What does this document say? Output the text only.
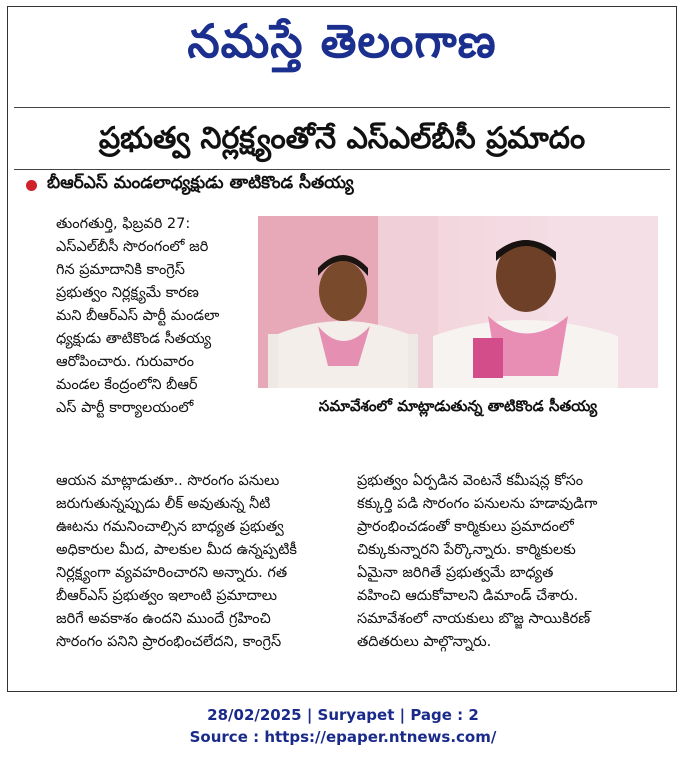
నమస్తే తెలంగాణ
ప్రభుత్వ నిర్లక్ష్యంతోనే ఎస్ఎల్‌బీసీ ప్రమాదం
బీఆర్ఎస్ మండలాధ్యక్షుడు తాటికొండ సీతయ్య
తుంగతుర్తి, ఫిబ్రవరి 27:
ఎస్ఎల్‌బీసీ సొరంగంలో జరి
గిన ప్రమాదానికి కాంగ్రెస్
ప్రభుత్వం నిర్లక్ష్యమే కారణ
మని బీఆర్ఎస్ పార్టీ మండలా
ధ్యక్షుడు తాటికొండ సీతయ్య
ఆరోపించారు. గురువారం
మండల కేంద్రంలోని బీఆర్
ఎస్ పార్టీ కార్యాలయంలో	సమావేశంలో మాట్లాడుతున్న తాటికొండ సీతయ్య
ఆయన మాట్లాడుతూ.. సొరంగం పనులు
జరుగుతున్నప్పుడు లీక్ అవుతున్న నీటి
ఊటను గమనించాల్సిన బాధ్యత ప్రభుత్వ
అధికారుల మీద, పాలకుల మీద ఉన్నప్పటికీ
నిర్లక్ష్యంగా వ్యవహరించారని అన్నారు. గత
బీఆర్ఎస్ ప్రభుత్వం ఇలాంటి ప్రమాదాలు
జరిగే అవకాశం ఉందని ముందే గ్రహించి
సొరంగం పనిని ప్రారంభించలేదని, కాంగ్రెస్
ప్రభుత్వం ఏర్పడిన వెంటనే కమీషన్ల కోసం
కక్కుర్తి పడి సొరంగం పనులను హడావుడిగా
ప్రారంభించడంతో కార్మికులు ప్రమాదంలో
చిక్కుకున్నారని పేర్కొన్నారు. కార్మికులకు
ఏమైనా జరిగితే ప్రభుత్వమే బాధ్యత
వహించి ఆదుకోవాలని డిమాండ్ చేశారు.
సమావేశంలో నాయకులు బొజ్జ సాయికిరణ్
తదితరులు పాల్గొన్నారు.
28/02/2025 | Suryapet | Page : 2
Source : https://epaper.ntnews.com/
